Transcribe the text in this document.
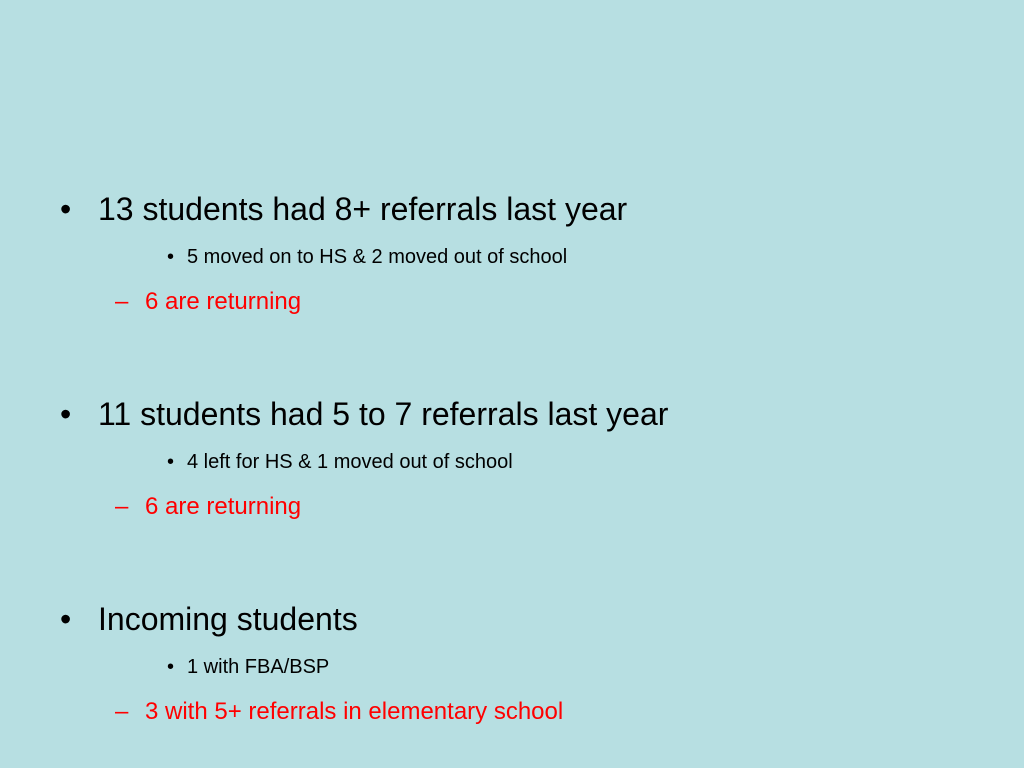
• 13 students had 8+ referrals last year
• 5 moved on to HS & 2 moved out of school
– 6 are returning
• 11 students had 5 to 7 referrals last year
• 4 left for HS & 1 moved out of school
– 6 are returning
• Incoming students
• 1 with FBA/BSP
– 3 with 5+ referrals in elementary school
